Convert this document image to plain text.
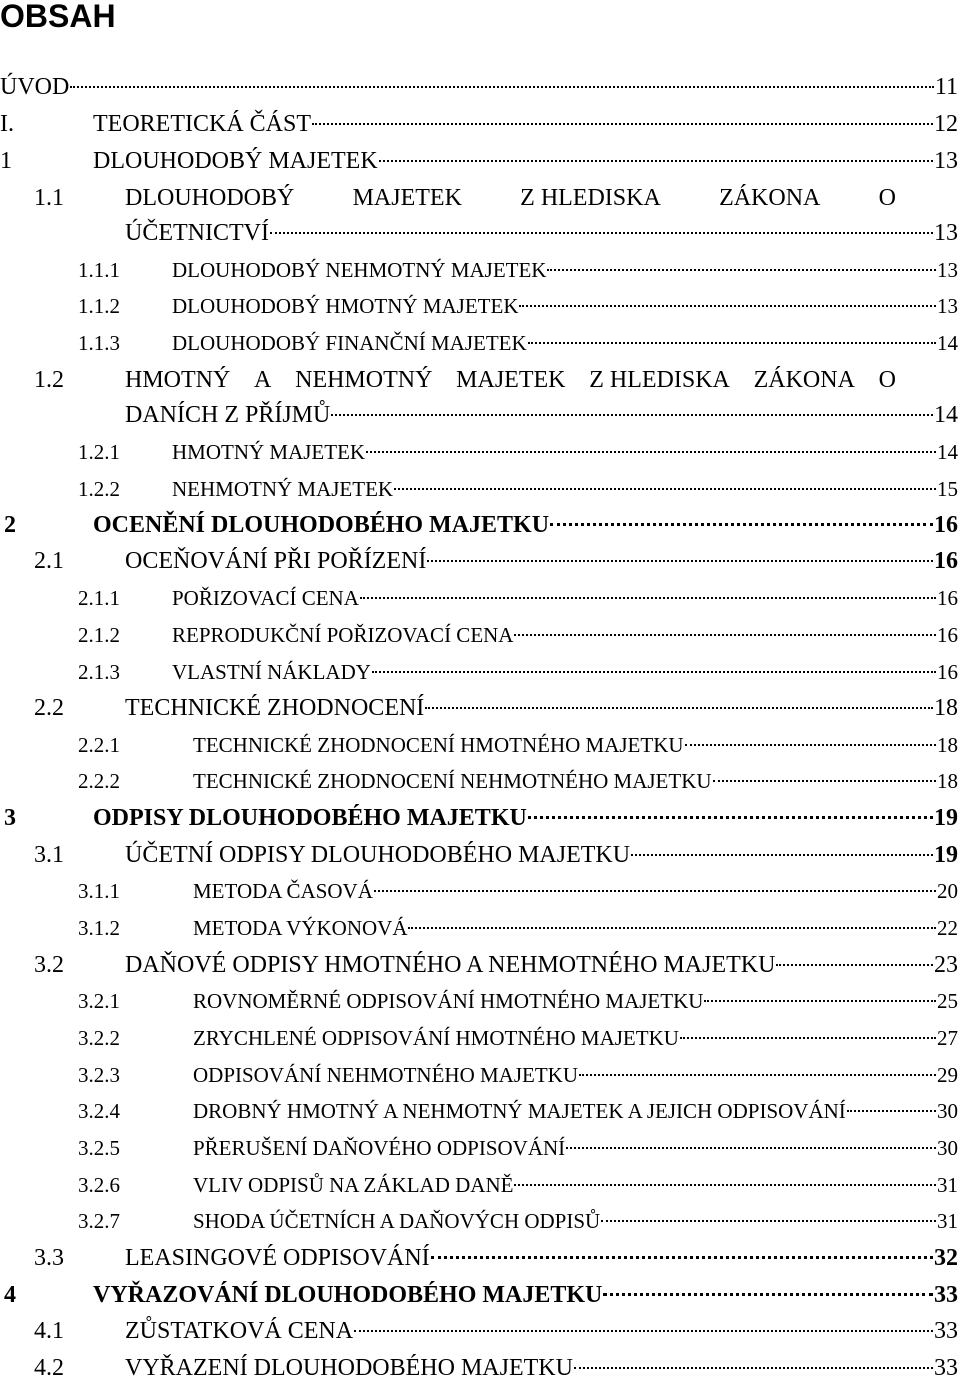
OBSAH
ÚVOD	11
I.	TEORETICKÁ ČÁST	12
1	DLOUHODOBÝ MAJETEK	13
1.1	DLOUHODOBÝ MAJETEK Z HLEDISKA ZÁKONA O
ÚČETNICTVÍ	13
1.1.1 DLOUHODOBÝ NEHMOTNÝ MAJETEK	13
1.1.2 DLOUHODOBÝ HMOTNÝ MAJETEK	13
1.1.3 DLOUHODOBÝ FINANČNÍ MAJETEK	14
1.2	HMOTNÝ A NEHMOTNÝ MAJETEK Z HLEDISKA ZÁKONA O
DANÍCH Z PŘÍJMŮ	14
1.2.1 HMOTNÝ MAJETEK	14
1.2.2 NEHMOTNÝ MAJETEK	15
2	OCENĚNÍ DLOUHODOBÉHO MAJETKU	16
2.1	OCEŇOVÁNÍ PŘI POŘÍZENÍ	16
2.1.1 POŘIZOVACÍ CENA	16
2.1.2 REPRODUKČNÍ POŘIZOVACÍ CENA	16
2.1.3 VLASTNÍ NÁKLADY	16
2.2	TECHNICKÉ ZHODNOCENÍ	18
2.2.1	TECHNICKÉ ZHODNOCENÍ HMOTNÉHO MAJETKU	18
2.2.2	TECHNICKÉ ZHODNOCENÍ NEHMOTNÉHO MAJETKU	18
3	ODPISY DLOUHODOBÉHO MAJETKU	19
3.1	ÚČETNÍ ODPISY DLOUHODOBÉHO MAJETKU	19
3.1.1	METODA ČASOVÁ	20
3.1.2	METODA VÝKONOVÁ	22
3.2	DAŇOVÉ ODPISY HMOTNÉHO A NEHMOTNÉHO MAJETKU	23
3.2.1	ROVNOMĚRNÉ ODPISOVÁNÍ HMOTNÉHO MAJETKU	25
3.2.2	ZRYCHLENÉ ODPISOVÁNÍ HMOTNÉHO MAJETKU	27
3.2.3	ODPISOVÁNÍ NEHMOTNÉHO MAJETKU	29
3.2.4	DROBNÝ HMOTNÝ A NEHMOTNÝ MAJETEK A JEJICH ODPISOVÁNÍ	30
3.2.5	PŘERUŠENÍ DAŇOVÉHO ODPISOVÁNÍ	30
3.2.6	VLIV ODPISŮ NA ZÁKLAD DANĚ	31
3.2.7	SHODA ÚČETNÍCH A DAŇOVÝCH ODPISŮ	31
3.3	LEASINGOVÉ ODPISOVÁNÍ	32
4	VYŘAZOVÁNÍ DLOUHODOBÉHO MAJETKU	33
4.1	ZŮSTATKOVÁ CENA	33
4.2	VYŘAZENÍ DLOUHODOBÉHO MAJETKU	33
